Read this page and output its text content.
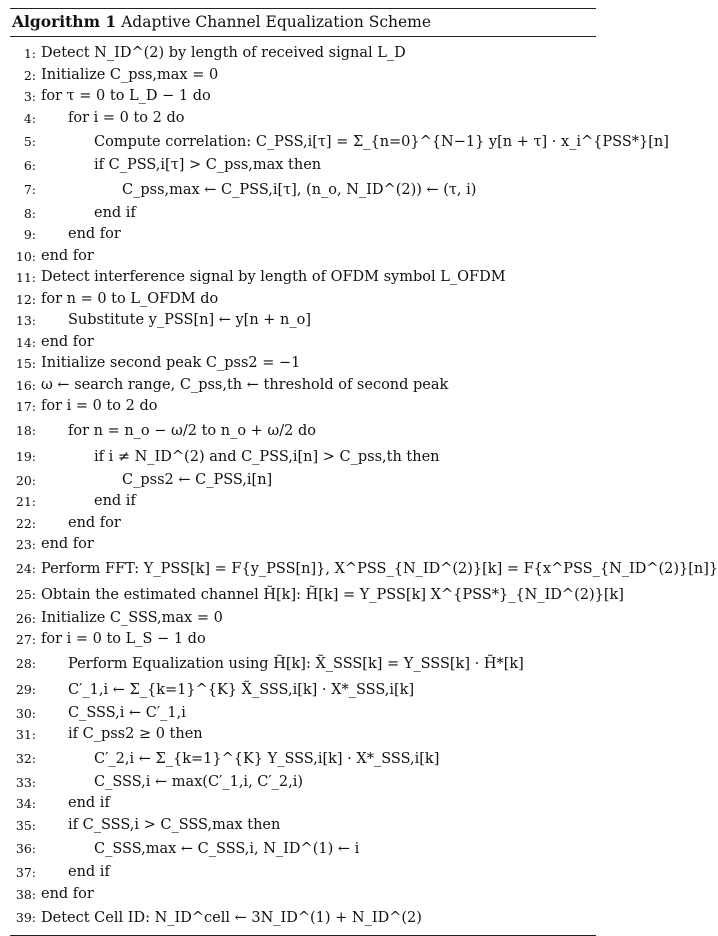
Algorithm 1 Adaptive Channel Equalization Scheme
1: Detect N_ID^(2) by length of received signal L_D
2: Initialize C_pss,max = 0
3: for τ = 0 to L_D − 1 do
4: for i = 0 to 2 do
5:	Compute correlation: C_PSS,i[τ] = Σ_{n=0}^{N−1} y[n + τ] · x_i^{PSS*}[n]
6:	if C_PSS,i[τ] > C_pss,max then
7:	C_pss,max ← C_PSS,i[τ], (n_o, N_ID^(2)) ← (τ, i)
8:	end if
9: end for
10: end for
11: Detect interference signal by length of OFDM symbol L_OFDM
12: for n = 0 to L_OFDM do
13: Substitute y_PSS[n] ← y[n + n_o]
14: end for
15: Initialize second peak C_pss2 = −1
16: ω ← search range, C_pss,th ← threshold of second peak
17: for i = 0 to 2 do
18: for n = n_o − ω/2 to n_o + ω/2 do
19:	if i ≠ N_ID^(2) and C_PSS,i[n] > C_pss,th then
20:	C_pss2 ← C_PSS,i[n]
21:	end if
22: end for
23: end for
24: Perform FFT: Y_PSS[k] = F{y_PSS[n]}, X^PSS_{N_ID^(2)}[k] = F{x^PSS_{N_ID^(2)}[n]}
25: Obtain the estimated channel H̃[k]: H̃[k] = Y_PSS[k] X^{PSS*}_{N_ID^(2)}[k]
26: Initialize C_SSS,max = 0
27: for i = 0 to L_S − 1 do
28: Perform Equalization using H̃[k]: X̃_SSS[k] = Y_SSS[k] · H̃*[k]
29: C′_1,i ← Σ_{k=1}^{K} X̃_SSS,i[k] · X*_SSS,i[k]
30: C_SSS,i ← C′_1,i
31: if C_pss2 ≥ 0 then
32:	C′_2,i ← Σ_{k=1}^{K} Y_SSS,i[k] · X*_SSS,i[k]
33:	C_SSS,i ← max(C′_1,i, C′_2,i)
34: end if
35: if C_SSS,i > C_SSS,max then
36:	C_SSS,max ← C_SSS,i, N_ID^(1) ← i
37: end if
38: end for
39: Detect Cell ID: N_ID^cell ← 3N_ID^(1) + N_ID^(2)
